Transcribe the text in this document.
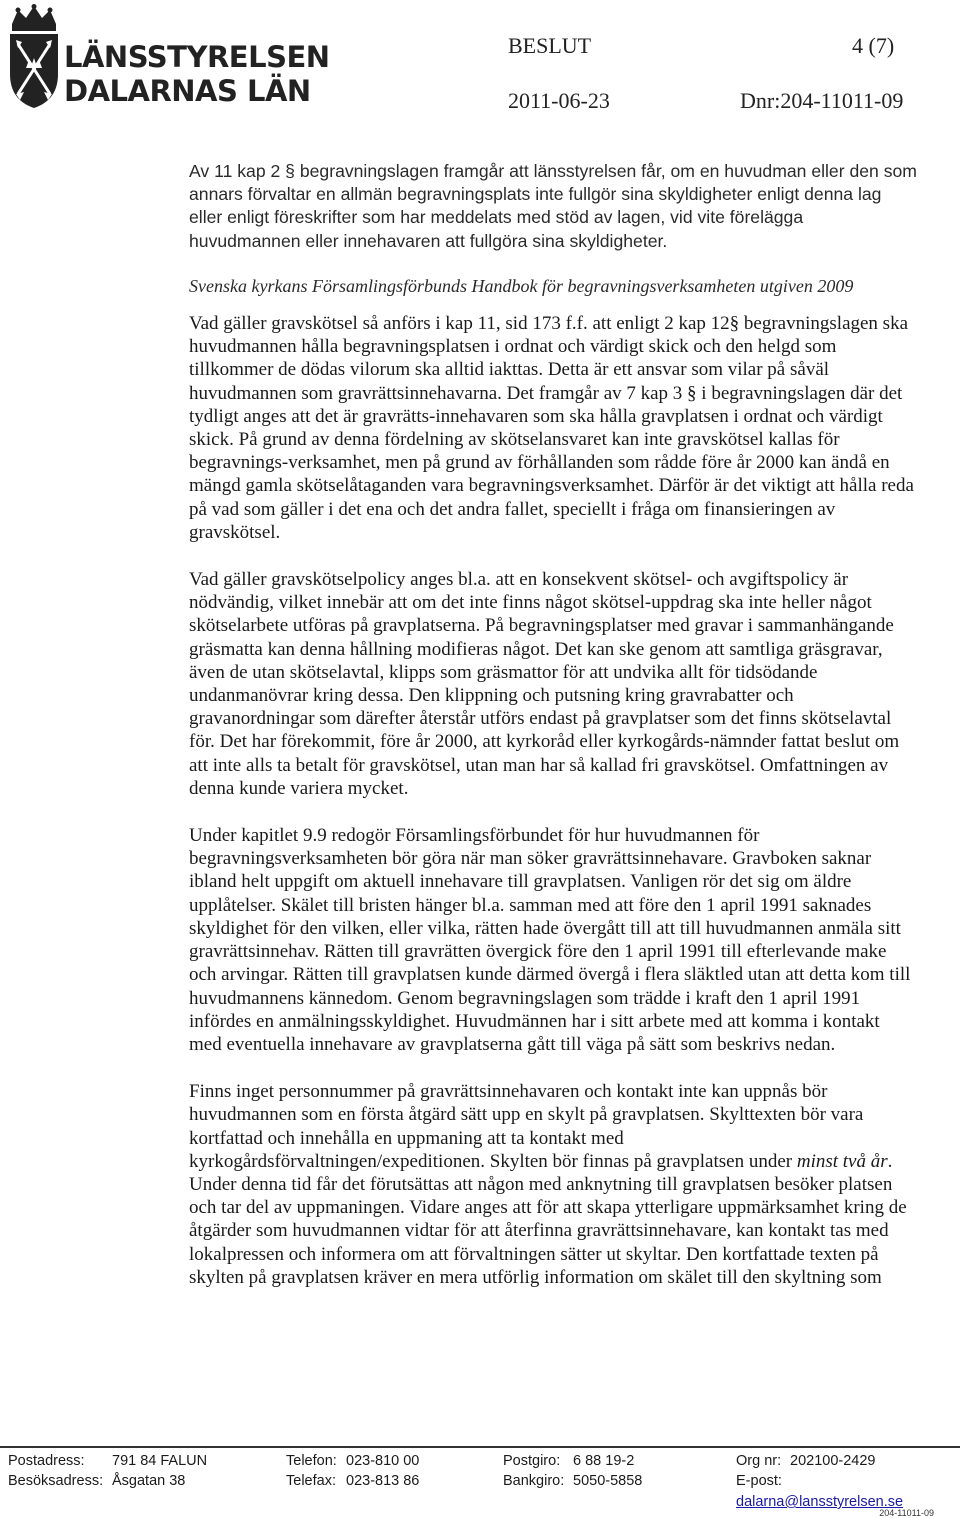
LÄNSSTYRELSEN
DALARNAS LÄN
BESLUT	4 (7)
2011-06-23	Dnr:204-11011-09

Av 11 kap 2 § begravningslagen framgår att länsstyrelsen får, om en huvudman eller den som annars förvaltar en allmän begravningsplats inte fullgör sina skyldigheter enligt denna lag eller enligt föreskrifter som har meddelats med stöd av lagen, vid vite förelägga huvudmannen eller innehavaren att fullgöra sina skyldigheter.

Svenska kyrkans Församlingsförbunds Handbok för begravningsverksamheten utgiven 2009

Vad gäller gravskötsel så anförs i kap 11, sid 173 f.f. att enligt 2 kap 12§ begravningslagen ska huvudmannen hålla begravningsplatsen i ordnat och värdigt skick och den helgd som tillkommer de dödas vilorum ska alltid iakttas. Detta är ett ansvar som vilar på såväl huvudmannen som gravrättsinnehavarna. Det framgår av 7 kap 3 § i begravningslagen där det tydligt anges att det är gravrätts-innehavaren som ska hålla gravplatsen i ordnat och värdigt skick. På grund av denna fördelning av skötselansvaret kan inte gravskötsel kallas för begravnings-verksamhet, men på grund av förhållanden som rådde före år 2000 kan ändå en mängd gamla skötselåtaganden vara begravningsverksamhet. Därför är det viktigt att hålla reda på vad som gäller i det ena och det andra fallet, speciellt i fråga om finansieringen av gravskötsel.

Vad gäller gravskötselpolicy anges bl.a. att en konsekvent skötsel- och avgiftspolicy är nödvändig, vilket innebär att om det inte finns något skötsel-uppdrag ska inte heller något skötselarbete utföras på gravplatserna. På begravningsplatser med gravar i sammanhängande gräsmatta kan denna hållning modifieras något. Det kan ske genom att samtliga gräsgravar, även de utan skötselavtal, klipps som gräsmattor för att undvika allt för tidsödande undanmanövrar kring dessa. Den klippning och putsning kring gravrabatter och gravanordningar som därefter återstår utförs endast på gravplatser som det finns skötselavtal för. Det har förekommit, före år 2000, att kyrkoråd eller kyrkogårds-nämnder fattat beslut om att inte alls ta betalt för gravskötsel, utan man har så kallad fri gravskötsel. Omfattningen av denna kunde variera mycket.

Under kapitlet 9.9 redogör Församlingsförbundet för hur huvudmannen för begravningsverksamheten bör göra när man söker gravrättsinnehavare. Gravboken saknar ibland helt uppgift om aktuell innehavare till gravplatsen. Vanligen rör det sig om äldre upplåtelser. Skälet till bristen hänger bl.a. samman med att före den 1 april 1991 saknades skyldighet för den vilken, eller vilka, rätten hade övergått till att till huvudmannen anmäla sitt gravrättsinnehav. Rätten till gravrätten övergick före den 1 april 1991 till efterlevande make och arvingar. Rätten till gravplatsen kunde därmed övergå i flera släktled utan att detta kom till huvudmannens kännedom. Genom begravningslagen som trädde i kraft den 1 april 1991 infördes en anmälningsskyldighet. Huvudmännen har i sitt arbete med att komma i kontakt med eventuella innehavare av gravplatserna gått till väga på sätt som beskrivs nedan.

Finns inget personnummer på gravrättsinnehavaren och kontakt inte kan uppnås bör huvudmannen som en första åtgärd sätt upp en skylt på gravplatsen. Skylttexten bör vara kortfattad och innehålla en uppmaning att ta kontakt med kyrkogårdsförvaltningen/expeditionen. Skylten bör finnas på gravplatsen under minst två år. Under denna tid får det förutsättas att någon med anknytning till gravplatsen besöker platsen och tar del av uppmaningen. Vidare anges att för att skapa ytterligare uppmärksamhet kring de åtgärder som huvudmannen vidtar för att återfinna gravrättsinnehavare, kan kontakt tas med lokalpressen och informera om att förvaltningen sätter ut skyltar. Den kortfattade texten på skylten på gravplatsen kräver en mera utförlig information om skälet till den skyltning som

Postadress: 791 84 FALUN
Besöksadress: Åsgatan 38
Telefon: 023-810 00
Telefax: 023-813 86
Postgiro: 6 88 19-2
Bankgiro: 5050-5858
Org nr: 202100-2429
E-post:
dalarna@lansstyrelsen.se
204-11011-09
